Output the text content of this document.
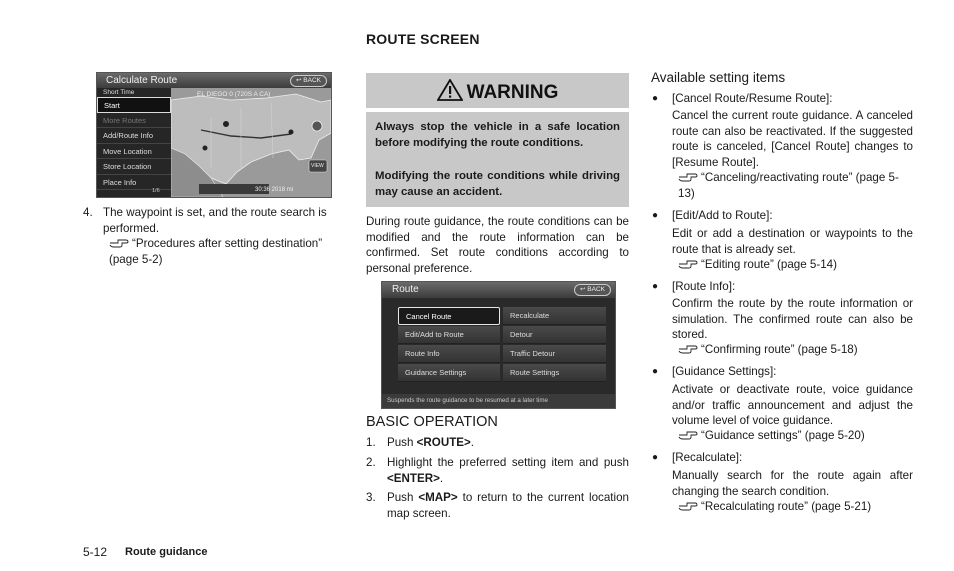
ROUTE SCREEN
Calculate Route	↩ BACK
Short Time
Start
More Routes
Add/Route Info
Move Location
Store Location
Place Info
1/6
EL DIEGO 0 (720S A CA)
30:36 2018 mi
VIEW
4. The waypoint is set, and the route search is performed.
“Procedures after setting destination” (page 5-2)
WARNING

Always stop the vehicle in a safe location before modifying the route conditions.

Modifying the route conditions while driving may cause an accident.

During route guidance, the route conditions can be modified and the route information can be confirmed. Set route conditions according to personal preference.
Route	↩ BACK
Cancel Route
Edit/Add to Route
Route Info
Guidance Settings
Recalculate
Detour
Traffic Detour
Route Settings
Suspends the route guidance to be resumed at a later time
BASIC OPERATION
1. Push <ROUTE>.
2. Highlight the preferred setting item and push <ENTER>.
3. Push <MAP> to return to the current location map screen.
Available setting items
● [Cancel Route/Resume Route]:
Cancel the current route guidance. A canceled route can also be reactivated. If the suggested route is canceled, [Cancel Route] changes to [Resume Route].
“Canceling/reactivating route” (page 5-13)
● [Edit/Add to Route]:
Edit or add a destination or waypoints to the route that is already set.
“Editing route” (page 5-14)
● [Route Info]:
Confirm the route by the route information or simulation. The confirmed route can also be stored.
“Confirming route” (page 5-18)
● [Guidance Settings]:
Activate or deactivate route, voice guidance and/or traffic announcement and adjust the volume level of voice guidance.
“Guidance settings” (page 5-20)
● [Recalculate]:
Manually search for the route again after changing the search condition.
“Recalculating route” (page 5-21)
5-12 Route guidance
